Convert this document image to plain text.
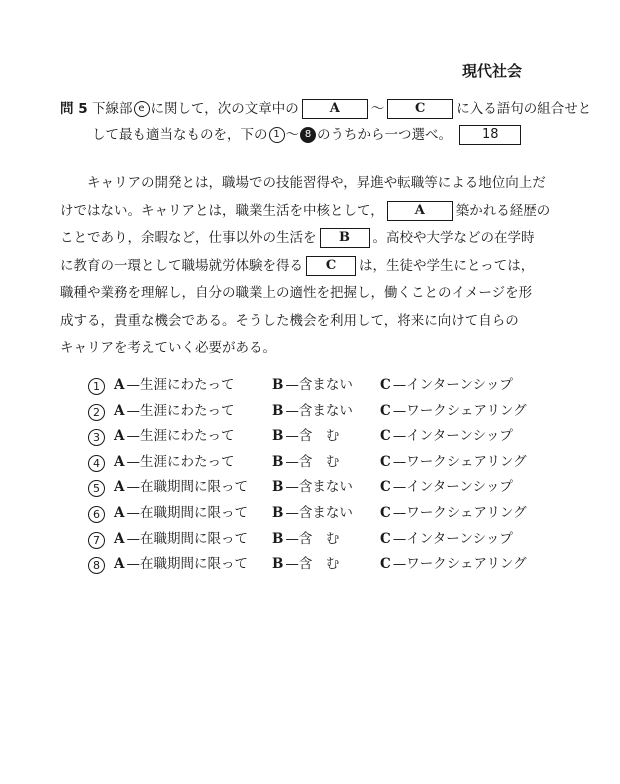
現代社会
問 5 下線部 e に関して，次の文章中の A ～ C に入る語句の組合せと
して最も適当なものを，下の 1 ～ 8 のうちから一つ選べ。 18
キャリアの開発とは，職場での技能習得や，昇進や転職等による地位向上だ
けではない。キャリアとは，職業生活を中核として， A 築かれる経歴の
ことであり，余暇など，仕事以外の生活を B 。高校や大学などの在学時
に教育の一環として職場就労体験を得る C は，生徒や学生にとっては，
職種や業務を理解し，自分の職業上の適性を把握し，働くことのイメージを形
成する，貴重な機会である。そうした機会を利用して，将来に向けて自らの
キャリアを考えていく必要がある。
1	A —生涯にわたって	B —含まない C —インターンシップ
2	A —生涯にわたって	B —含まない C —ワークシェアリング
3	A —生涯にわたって	B —含　む	C —インターンシップ
4	A —生涯にわたって	B —含　む	C —ワークシェアリング
5	A —在職期間に限って B —含まない C —インターンシップ
6	A —在職期間に限って B —含まない C —ワークシェアリング
7	A —在職期間に限って B —含　む	C —インターンシップ
8	A —在職期間に限って B —含　む	C —ワークシェアリング
